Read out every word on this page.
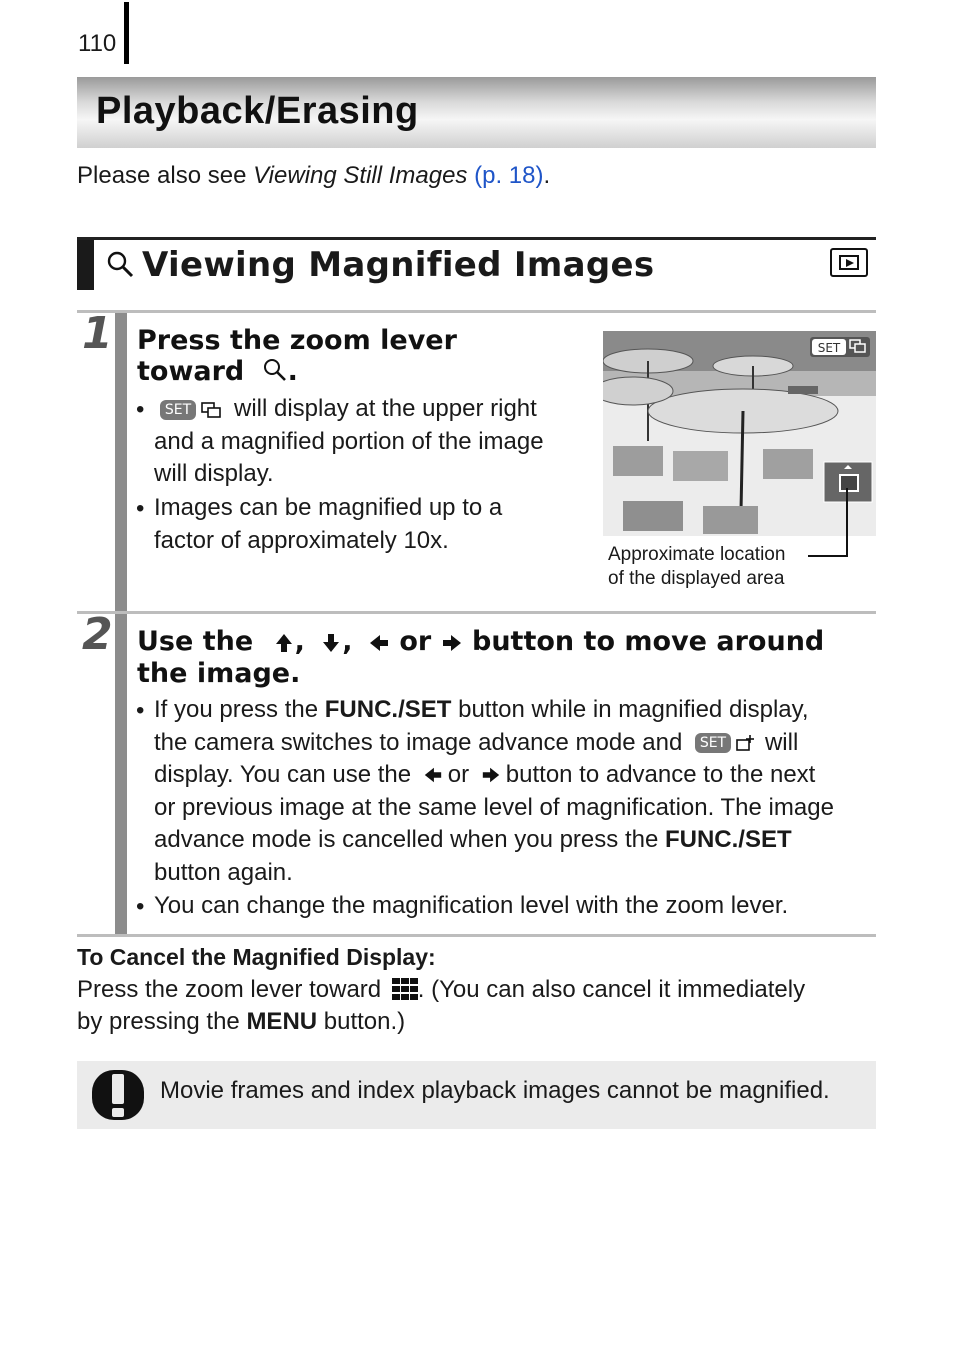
110
Playback/Erasing
Please also see Viewing Still Images (p. 18).
Viewing Magnified Images
1 Press the zoom lever
toward .
•	SET will display at the upper right
and a magnified portion of the image
will display.
• Images can be magnified up to a
factor of approximately 10x.
SET
Approximate location
of the displayed area
2 Use the , , or button to move around
the image.
• If you press the FUNC./SET button while in magnified display,
the camera switches to image advance mode and SET will
display. You can use the or button to advance to the next
or previous image at the same level of magnification. The image
advance mode is cancelled when you press the FUNC./SET
button again.
• You can change the magnification level with the zoom lever.
To Cancel the Magnified Display:
Press the zoom lever toward . (You can also cancel it immediately
by pressing the MENU button.)
Movie frames and index playback images cannot be magnified.
